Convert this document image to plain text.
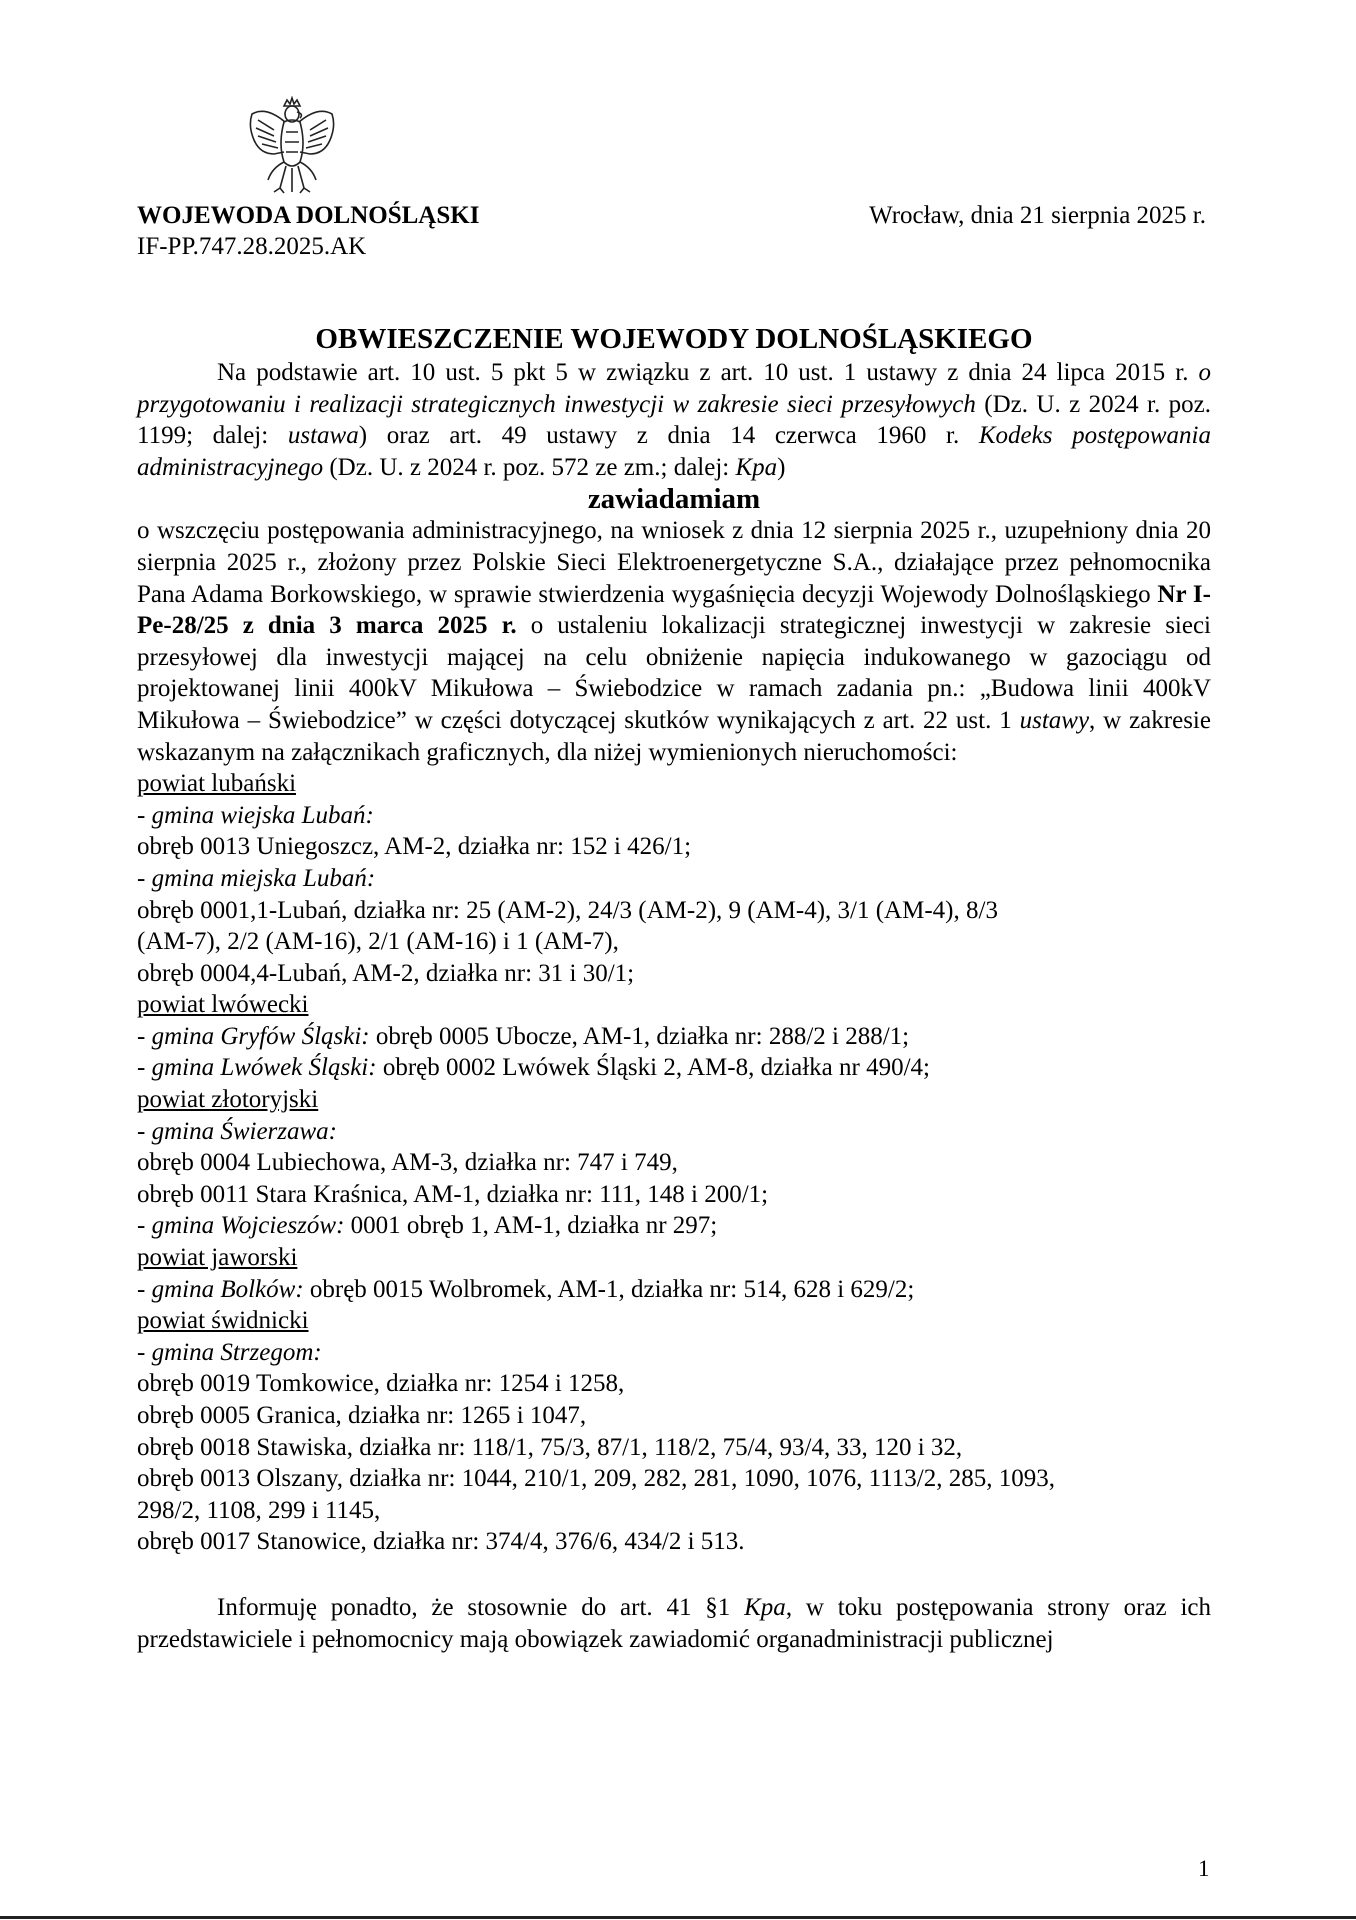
WOJEWODA DOLNOŚLĄSKI
IF-PP.747.28.2025.AK
Wrocław, dnia 21 sierpnia 2025 r.
OBWIESZCZENIE WOJEWODY DOLNOŚLĄSKIEGO

Na podstawie art. 10 ust. 5 pkt 5 w związku z art. 10 ust. 1 ustawy z dnia 24 lipca 2015 r. o przygotowaniu i realizacji strategicznych inwestycji w zakresie sieci przesyłowych (Dz. U. z 2024 r. poz. 1199; dalej: ustawa) oraz art. 49 ustawy z dnia 14 czerwca 1960 r. Kodeks postępowania administracyjnego (Dz. U. z 2024 r. poz. 572 ze zm.; dalej: Kpa)

zawiadamiam

o wszczęciu postępowania administracyjnego, na wniosek z dnia 12 sierpnia 2025 r., uzupełniony dnia 20 sierpnia 2025 r., złożony przez Polskie Sieci Elektroenergetyczne S.A., działające przez pełnomocnika Pana Adama Borkowskiego, w sprawie stwierdzenia wygaśnięcia decyzji Wojewody Dolnośląskiego Nr I-Pe-28/25 z dnia 3 marca 2025 r. o ustaleniu lokalizacji strategicznej inwestycji w zakresie sieci przesyłowej dla inwestycji mającej na celu obniżenie napięcia indukowanego w gazociągu od projektowanej linii 400kV Mikułowa – Świebodzice w ramach zadania pn.: „Budowa linii 400kV Mikułowa – Świebodzice” w części dotyczącej skutków wynikających z art. 22 ust. 1 ustawy, w zakresie wskazanym na załącznikach graficznych, dla niżej wymienionych nieruchomości:

powiat lubański
- gmina wiejska Lubań:
obręb 0013 Uniegoszcz, AM-2, działka nr: 152 i 426/1;
- gmina miejska Lubań:
obręb 0001,1-Lubań, działka nr: 25 (AM-2), 24/3 (AM-2), 9 (AM-4), 3/1 (AM-4), 8/3
(AM-7), 2/2 (AM-16), 2/1 (AM-16) i 1 (AM-7),
obręb 0004,4-Lubań, AM-2, działka nr: 31 i 30/1;
powiat lwówecki
- gmina Gryfów Śląski: obręb 0005 Ubocze, AM-1, działka nr: 288/2 i 288/1;
- gmina Lwówek Śląski: obręb 0002 Lwówek Śląski 2, AM-8, działka nr 490/4;
powiat złotoryjski
- gmina Świerzawa:
obręb 0004 Lubiechowa, AM-3, działka nr: 747 i 749,
obręb 0011 Stara Kraśnica, AM-1, działka nr: 111, 148 i 200/1;
- gmina Wojcieszów: 0001 obręb 1, AM-1, działka nr 297;
powiat jaworski
- gmina Bolków: obręb 0015 Wolbromek, AM-1, działka nr: 514, 628 i 629/2;
powiat świdnicki
- gmina Strzegom:
obręb 0019 Tomkowice, działka nr: 1254 i 1258,
obręb 0005 Granica, działka nr: 1265 i 1047,
obręb 0018 Stawiska, działka nr: 118/1, 75/3, 87/1, 118/2, 75/4, 93/4, 33, 120 i 32,
obręb 0013 Olszany, działka nr: 1044, 210/1, 209, 282, 281, 1090, 1076, 1113/2, 285, 1093,
298/2, 1108, 299 i 1145,
obręb 0017 Stanowice, działka nr: 374/4, 376/6, 434/2 i 513.

Informuję ponadto, że stosownie do art. 41 §1 Kpa, w toku postępowania strony oraz ich przedstawiciele i pełnomocnicy mają obowiązek zawiadomić organadministracji publicznej

1
